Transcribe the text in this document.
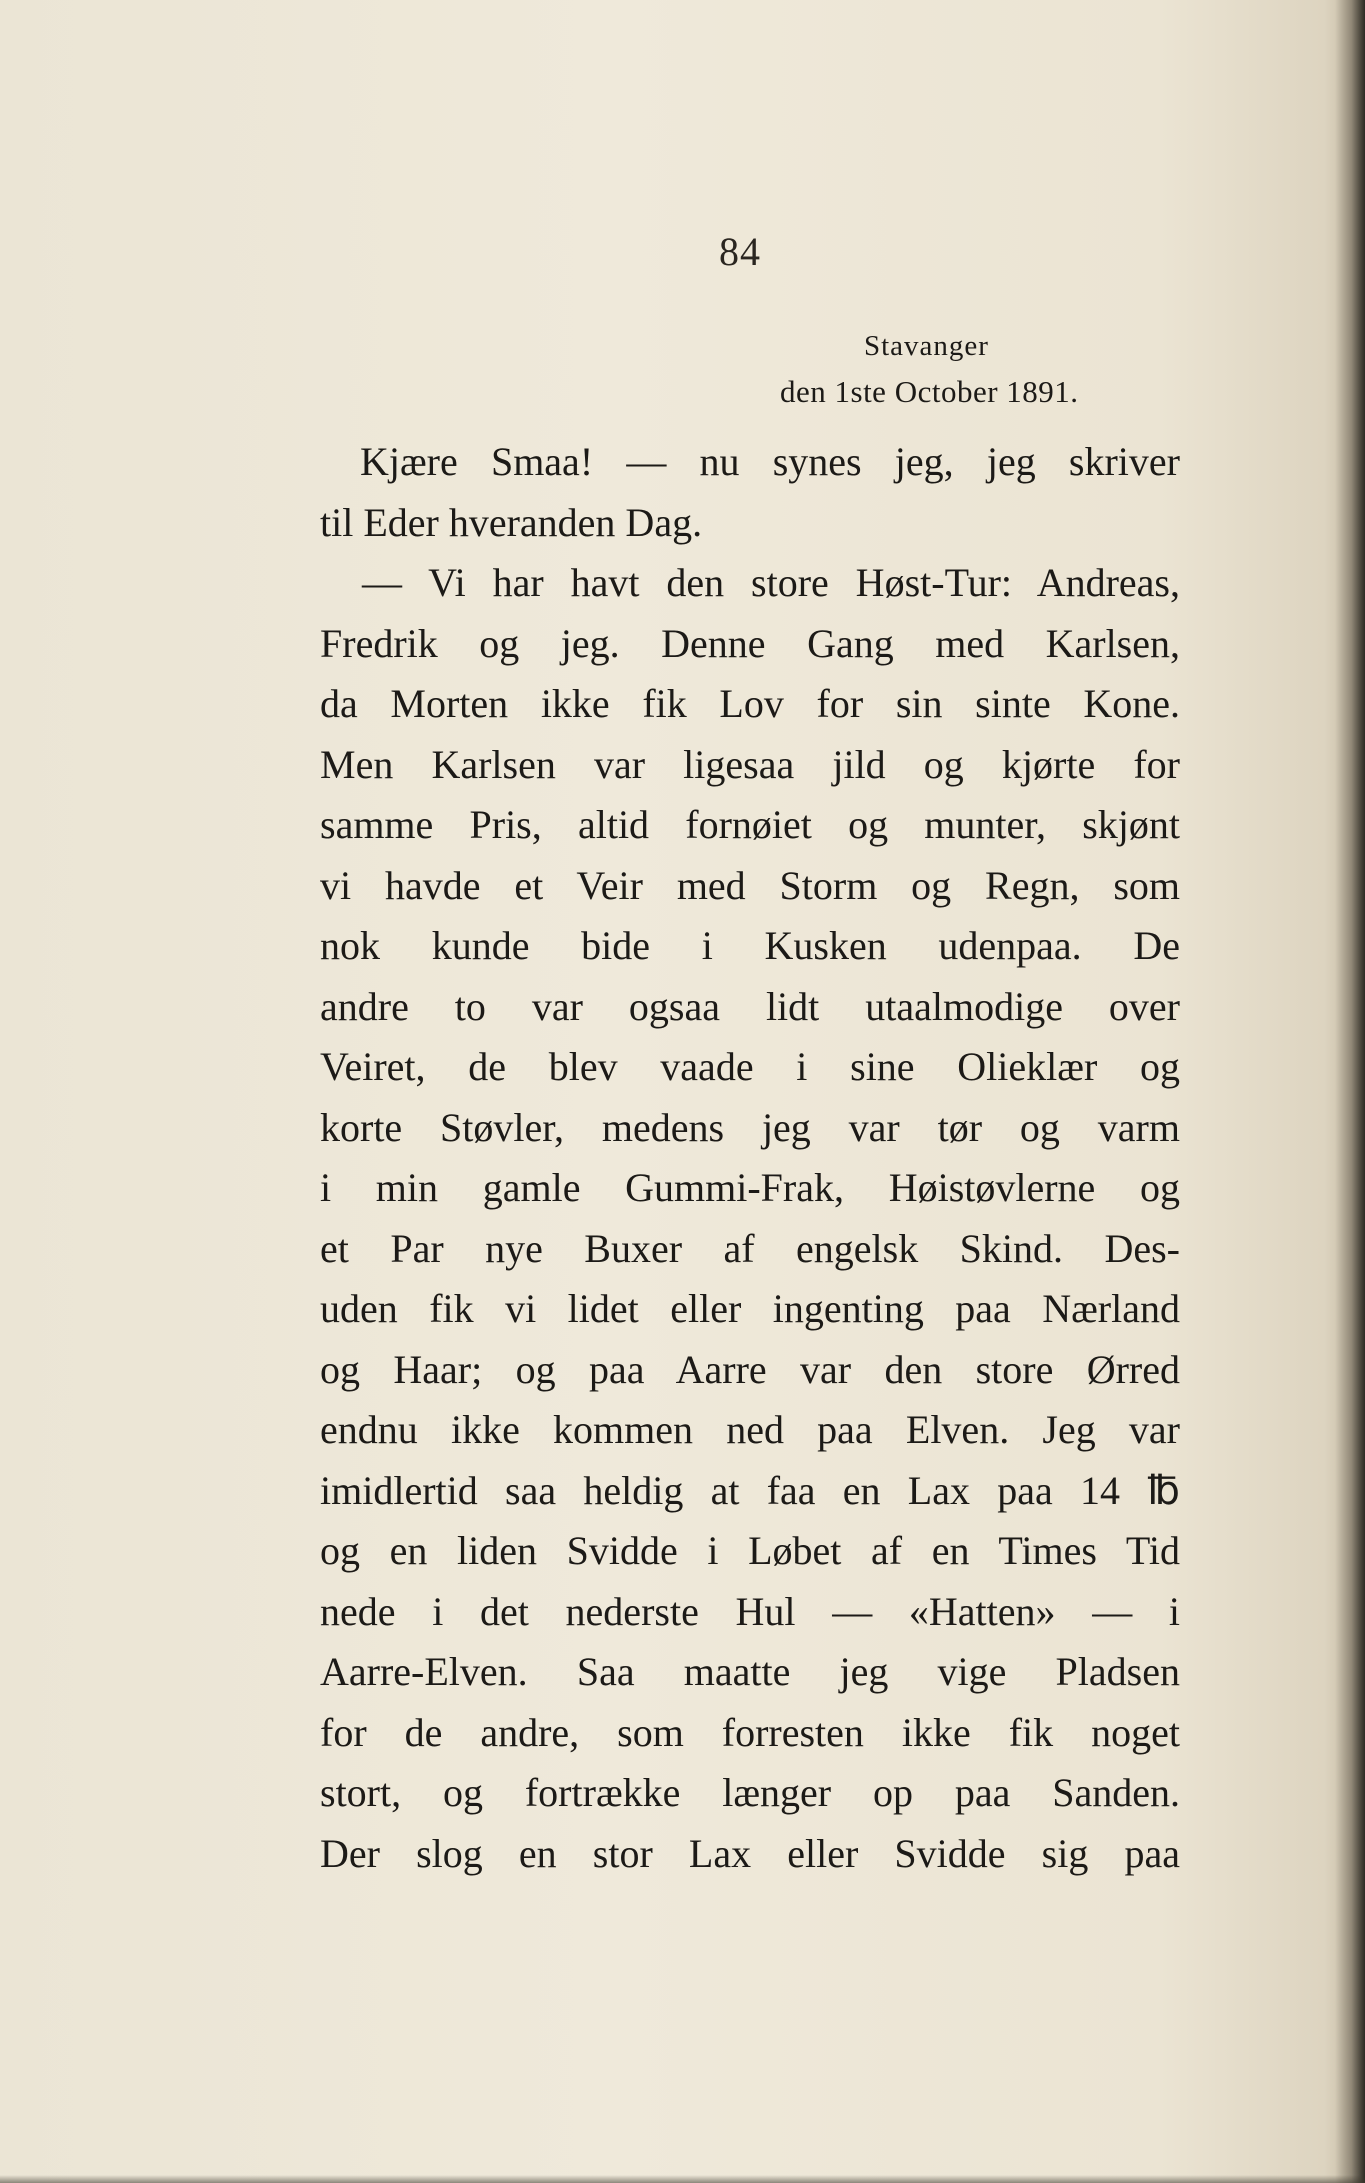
84
Stavanger
den 1ste October 1891.
Kjære Smaa! — nu synes jeg, jeg skriver
til Eder hveranden Dag.
— Vi har havt den store Høst-Tur: Andreas,
Fredrik og jeg. Denne Gang med Karlsen,
da Morten ikke fik Lov for sin sinte Kone.
Men Karlsen var ligesaa jild og kjørte for
samme Pris, altid fornøiet og munter, skjønt
vi havde et Veir med Storm og Regn, som
nok kunde bide i Kusken udenpaa. De
andre to var ogsaa lidt utaalmodige over
Veiret, de blev vaade i sine Olieklær og
korte Støvler, medens jeg var tør og varm
i min gamle Gummi-Frak, Høistøvlerne og
et Par nye Buxer af engelsk Skind. Des-
uden fik vi lidet eller ingenting paa Nærland
og Haar; og paa Aarre var den store Ørred
endnu ikke kommen ned paa Elven. Jeg var
imidlertid saa heldig at faa en Lax paa 14 ℔
og en liden Svidde i Løbet af en Times Tid
nede i det nederste Hul — «Hatten» — i
Aarre-Elven. Saa maatte jeg vige Pladsen
for de andre, som forresten ikke fik noget
stort, og fortrække længer op paa Sanden.
Der slog en stor Lax eller Svidde sig paa
